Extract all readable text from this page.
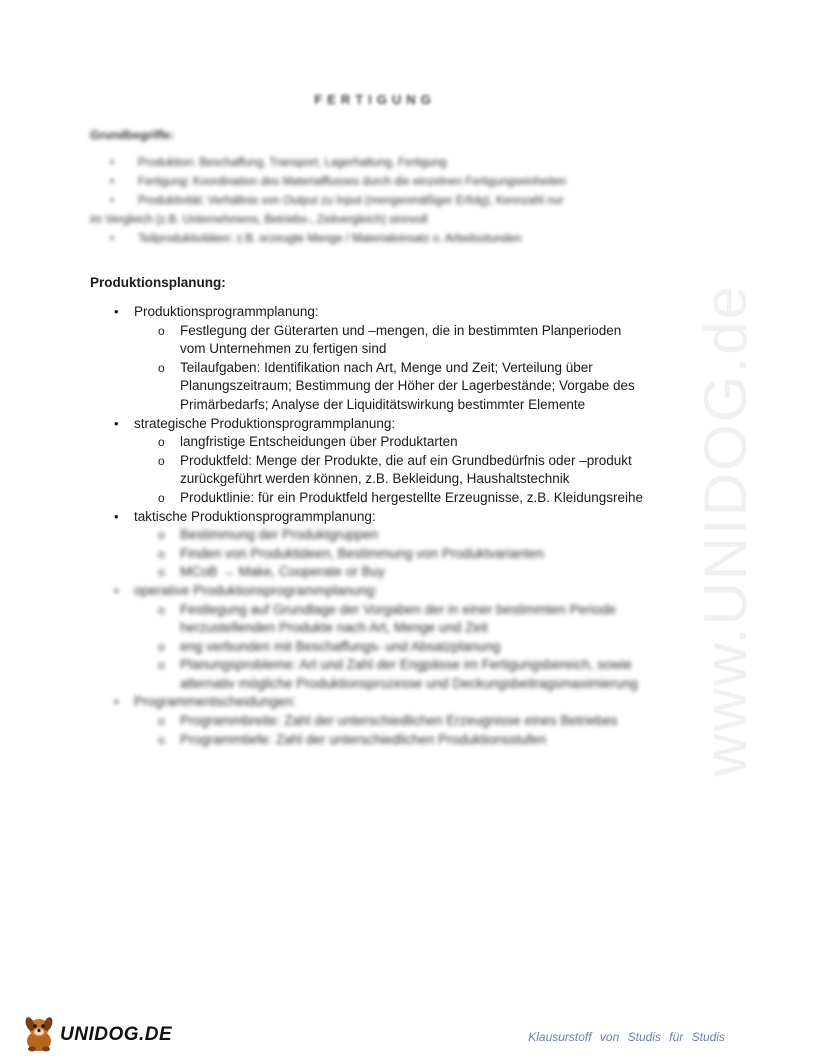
www.UNIDOG.de
FERTIGUNG
Grundbegriffe:
• Produktion: Beschaffung, Transport, Lagerhaltung, Fertigung
• Fertigung: Koordination des Materialflusses durch die einzelnen Fertigungseinheiten
• Produktivität: Verhältnis von Output zu Input (mengenmäßiger Erfolg), Kennzahl nur
im Vergleich (z.B. Unternehmens, Betriebs-, Zeitvergleich) sinnvoll
• Teilproduktivitäten: z.B. erzeugte Menge / Materialeinsatz o. Arbeitsstunden
Produktionsplanung:
• Produktionsprogrammplanung:
o Festlegung der Güterarten und –mengen, die in bestimmten Planperioden
vom Unternehmen zu fertigen sind
o Teilaufgaben: Identifikation nach Art, Menge und Zeit; Verteilung über
Planungszeitraum; Bestimmung der Höher der Lagerbestände; Vorgabe des
Primärbedarfs; Analyse der Liquiditätswirkung bestimmter Elemente
• strategische Produktionsprogrammplanung:
o langfristige Entscheidungen über Produktarten
o Produktfeld: Menge der Produkte, die auf ein Grundbedürfnis oder –produkt
zurückgeführt werden können, z.B. Bekleidung, Haushaltstechnik
o Produktlinie: für ein Produktfeld hergestellte Erzeugnisse, z.B. Kleidungsreihe
• taktische Produktionsprogrammplanung:
o Bestimmung der Produktgruppen
o Finden von Produktideen, Bestimmung von Produktvarianten
o MCoB → Make, Cooperate or Buy
• operative Produktionsprogrammplanung:
o Festlegung auf Grundlage der Vorgaben der in einer bestimmten Periode
herzustellenden Produkte nach Art, Menge und Zeit
o eng verbunden mit Beschaffungs- und Absatzplanung
o Planungsprobleme: Art und Zahl der Engpässe im Fertigungsbereich, sowie
alternativ mögliche Produktionsprozesse und Deckungsbeitragsmaximierung
• Programmentscheidungen:
o Programmbreite: Zahl der unterschiedlichen Erzeugnisse eines Betriebes
o Programmtiefe: Zahl der unterschiedlichen Produktionsstufen
UNIDOG.DE	Klausurstoff von Studis für Studis
